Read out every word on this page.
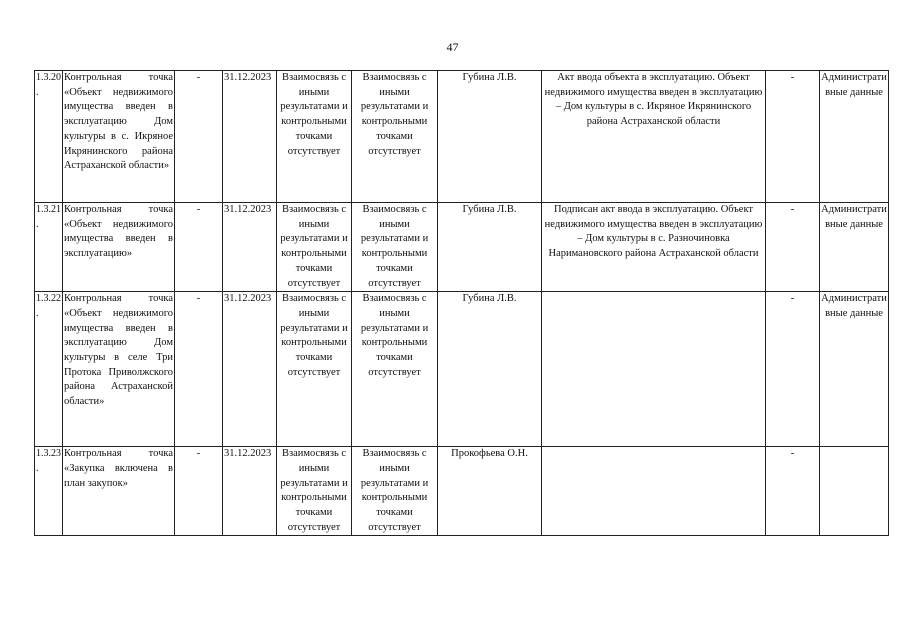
47
1.3.20.	Контрольная точка «Объект недвижимого имущества введен в эксплуатацию Дом культуры в с. Икряное Икрянинского района Астраханской области»	-	31.12.2023	Взаимосвязь с иными результатами и контрольными точками отсутствует	Взаимосвязь с иными результатами и контрольными точками отсутствует	Губина Л.В.	Акт ввода объекта в эксплуатацию. Объект недвижимого имущества введен в эксплуатацию – Дом культуры в с. Икряное Икрянинского района Астраханской области	-	Административные данные
1.3.21.	Контрольная точка «Объект недвижимого имущества введен в эксплуатацию»	-	31.12.2023	Взаимосвязь с иными результатами и контрольными точками отсутствует	Взаимосвязь с иными результатами и контрольными точками отсутствует	Губина Л.В.	Подписан акт ввода в эксплуатацию. Объект недвижимого имущества введен в эксплуатацию – Дом культуры в с. Разночиновка Наримановского района Астраханской области	-	Административные данные
1.3.22.	Контрольная точка «Объект недвижимого имущества введен в эксплуатацию Дом культуры в селе Три Протока Приволжского района Астраханской области»	-	31.12.2023	Взаимосвязь с иными результатами и контрольными точками отсутствует	Взаимосвязь с иными результатами и контрольными точками отсутствует	Губина Л.В.		-	Административные данные
1.3.23.	Контрольная точка «Закупка включена в план закупок»	-	31.12.2023	Взаимосвязь с иными результатами и контрольными точками отсутствует	Взаимосвязь с иными результатами и контрольными точками отсутствует	Прокофьева О.Н.		-	
